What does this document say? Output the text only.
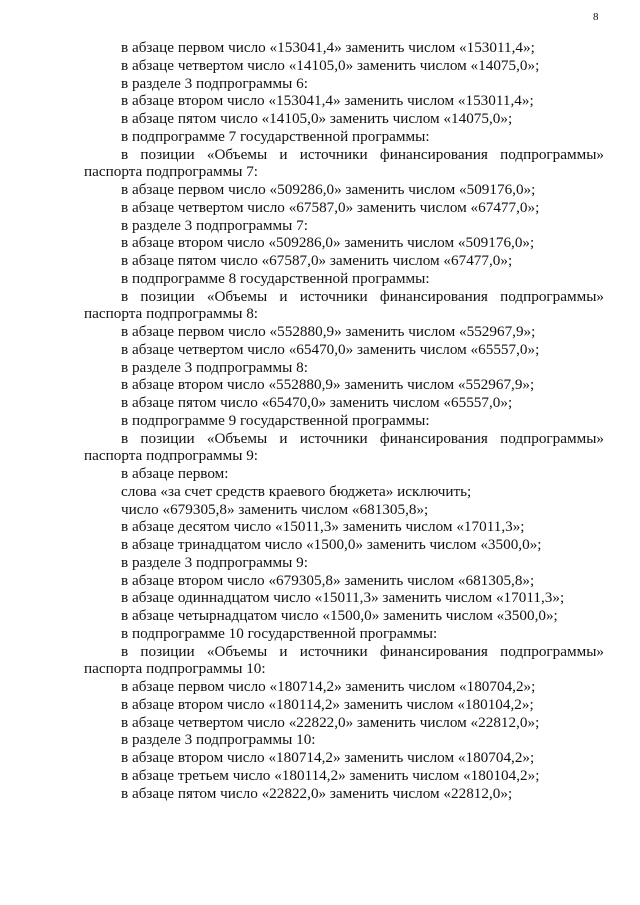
8
в абзаце первом число «153041,4» заменить числом «153011,4»;
в абзаце четвертом число «14105,0» заменить числом «14075,0»;
в разделе 3 подпрограммы 6:
в абзаце втором число «153041,4» заменить числом «153011,4»;
в абзаце пятом число «14105,0» заменить числом «14075,0»;
в подпрограмме 7 государственной программы:
в позиции «Объемы и источники финансирования подпрограммы»
паспорта подпрограммы 7:
в абзаце первом число «509286,0» заменить числом «509176,0»;
в абзаце четвертом число «67587,0» заменить числом «67477,0»;
в разделе 3 подпрограммы 7:
в абзаце втором число «509286,0» заменить числом «509176,0»;
в абзаце пятом число «67587,0» заменить числом «67477,0»;
в подпрограмме 8 государственной программы:
в позиции «Объемы и источники финансирования подпрограммы»
паспорта подпрограммы 8:
в абзаце первом число «552880,9» заменить числом «552967,9»;
в абзаце четвертом число «65470,0» заменить числом «65557,0»;
в разделе 3 подпрограммы 8:
в абзаце втором число «552880,9» заменить числом «552967,9»;
в абзаце пятом число «65470,0» заменить числом «65557,0»;
в подпрограмме 9 государственной программы:
в позиции «Объемы и источники финансирования подпрограммы»
паспорта подпрограммы 9:
в абзаце первом:
слова «за счет средств краевого бюджета» исключить;
число «679305,8» заменить числом «681305,8»;
в абзаце десятом число «15011,3» заменить числом «17011,3»;
в абзаце тринадцатом число «1500,0» заменить числом «3500,0»;
в разделе 3 подпрограммы 9:
в абзаце втором число «679305,8» заменить числом «681305,8»;
в абзаце одиннадцатом число «15011,3» заменить числом «17011,3»;
в абзаце четырнадцатом число «1500,0» заменить числом «3500,0»;
в подпрограмме 10 государственной программы:
в позиции «Объемы и источники финансирования подпрограммы»
паспорта подпрограммы 10:
в абзаце первом число «180714,2» заменить числом «180704,2»;
в абзаце втором число «180114,2» заменить числом «180104,2»;
в абзаце четвертом число «22822,0» заменить числом «22812,0»;
в разделе 3 подпрограммы 10:
в абзаце втором число «180714,2» заменить числом «180704,2»;
в абзаце третьем число «180114,2» заменить числом «180104,2»;
в абзаце пятом число «22822,0» заменить числом «22812,0»;
